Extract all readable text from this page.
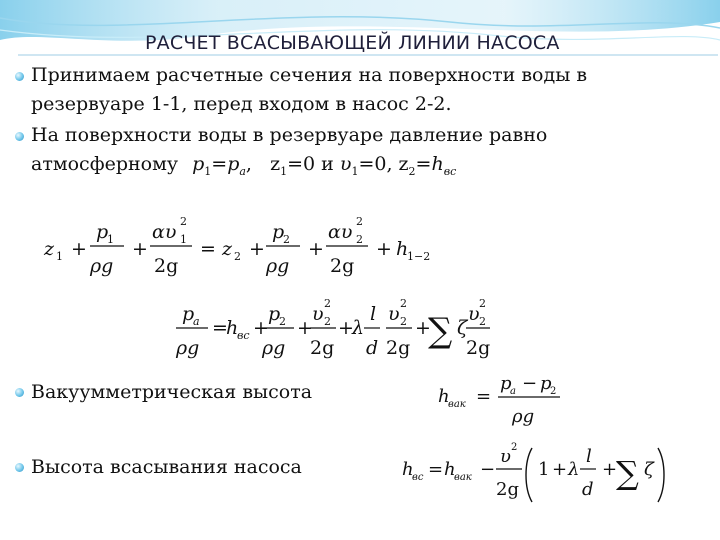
РАСЧЕТ ВСАСЫВАЮЩЕЙ ЛИНИИ НАСОСА
Принимаем расчетные сечения на поверхности воды в
резервуаре 1-1, перед входом в насос 2-2.
На поверхности воды в резервуаре давление равно
атмосферному $p_1=p_a$,   $z_1=0$ и $\upsilon_1=0$, $z_2=h_{вс}$
z 1 +
p
1
ρg
+
αυ 2
1
2g
= z 2 +
p
2
ρg
+
αυ 2
2
2g
+ h
1−2
p
a
ρg
=
h
вс +
p
2
ρg
+
υ 2
2
2g
+
λ
l
d
υ 2
2
2g
+
∑ ζ
υ 2
2
2g
Вакуумметрическая высота	h
вак =
p
a − p
2
ρg
Высота всасывания насоса	h
вс = h
вак −
υ 2
2g
1 + λ
l
d
+
∑ ζ
